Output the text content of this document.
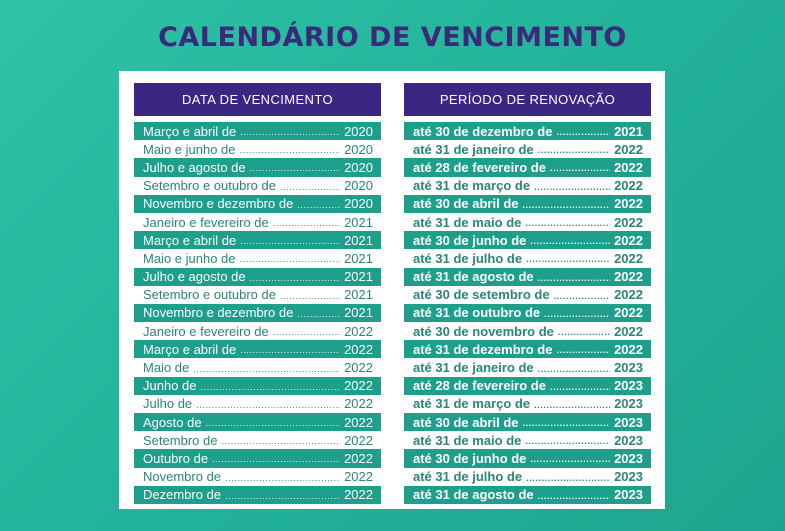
CALENDÁRIO DE VENCIMENTO
DATA DE VENCIMENTO
Março e abril de .....	2020
Maio e junho de .....	2020
Julho e agosto de .....	2020
Setembro e outubro de .....	2020
Novembro e dezembro de .....	2020
Janeiro e fevereiro de .....	2021
Março e abril de .....	2021
Maio e junho de .....	2021
Julho e agosto de .....	2021
Setembro e outubro de .....	2021
Novembro e dezembro de .....	2021
Janeiro e fevereiro de .....	2022
Março e abril de .....	2022
Maio de .....	2022
Junho de .....	2022
Julho de .....	2022
Agosto de .....	2022
Setembro de .....	2022
Outubro de .....	2022
Novembro de .....	2022
Dezembro de .....	2022
PERÍODO DE RENOVAÇÃO
até 30 de dezembro de .....	2021
até 31 de janeiro de .....	2022
até 28 de fevereiro de .....	2022
até 31 de março de .....	2022
até 30 de abril de .....	2022
até 31 de maio de .....	2022
até 30 de junho de .....	2022
até 31 de julho de .....	2022
até 31 de agosto de .....	2022
até 30 de setembro de .....	2022
até 31 de outubro de .....	2022
até 30 de novembro de .....	2022
até 31 de dezembro de .....	2022
até 31 de janeiro de .....	2023
até 28 de fevereiro de .....	2023
até 31 de março de .....	2023
até 30 de abril de .....	2023
até 31 de maio de .....	2023
até 30 de junho de .....	2023
até 31 de julho de .....	2023
até 31 de agosto de .....	2023
